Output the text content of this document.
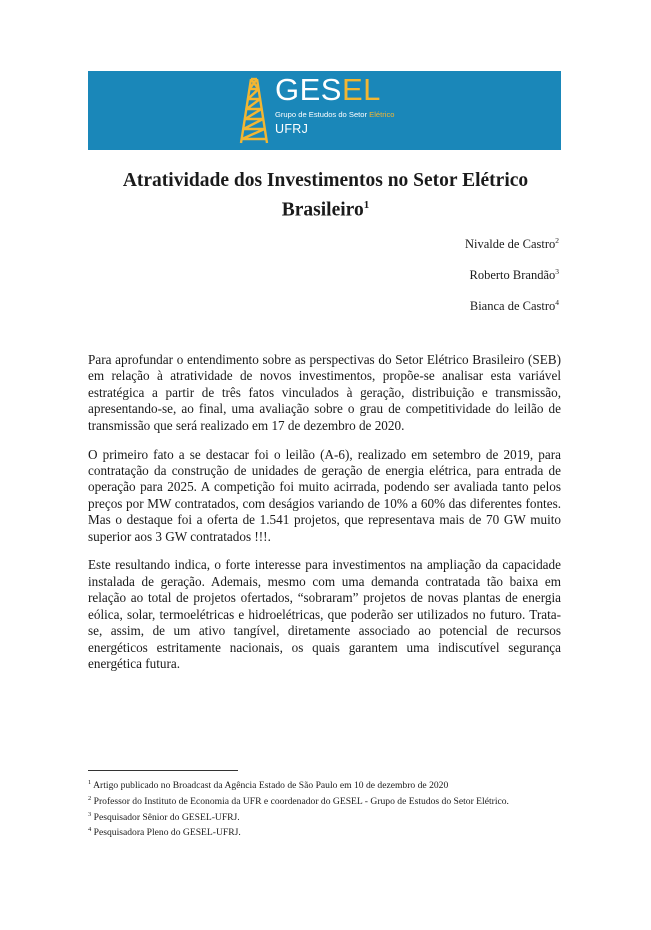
GESEL
Grupo de Estudos do Setor Elétrico
UFRJ
Atratividade dos Investimentos no Setor Elétrico
Brasileiro$^1$
Nivalde de Castro$^2$
Roberto Brandão$^3$
Bianca de Castro$^4$

Para aprofundar o entendimento sobre as perspectivas do Setor Elétrico Brasileiro (SEB) em relação à atratividade de novos investimentos, propõe-se analisar esta variável estratégica a partir de três fatos vinculados à geração, distribuição e transmissão, apresentando-se, ao final, uma avaliação sobre o grau de competitividade do leilão de transmissão que será realizado em 17 de dezembro de 2020.

O primeiro fato a se destacar foi o leilão (A-6), realizado em setembro de 2019, para contratação da construção de unidades de geração de energia elétrica, para entrada de operação para 2025. A competição foi muito acirrada, podendo ser avaliada tanto pelos preços por MW contratados, com deságios variando de 10% a 60% das diferentes fontes. Mas o destaque foi a oferta de 1.541 projetos, que representava mais de 70 GW muito superior aos 3 GW contratados !!!.

Este resultando indica, o forte interesse para investimentos na ampliação da capacidade instalada de geração. Ademais, mesmo com uma demanda contratada tão baixa em relação ao total de projetos ofertados, “sobraram” projetos de novas plantas de energia eólica, solar, termoelétricas e hidroelétricas, que poderão ser utilizados no futuro. Trata-se, assim, de um ativo tangível, diretamente associado ao potencial de recursos energéticos estritamente nacionais, os quais garantem uma indiscutível segurança energética futura.

$^1$ Artigo publicado no Broadcast da Agência Estado de São Paulo em 10 de dezembro de 2020
$^2$ Professor do Instituto de Economia da UFR e coordenador do GESEL - Grupo de Estudos do Setor Elétrico.
$^3$ Pesquisador Sênior do GESEL-UFRJ.
$^4$ Pesquisadora Pleno do GESEL-UFRJ.
